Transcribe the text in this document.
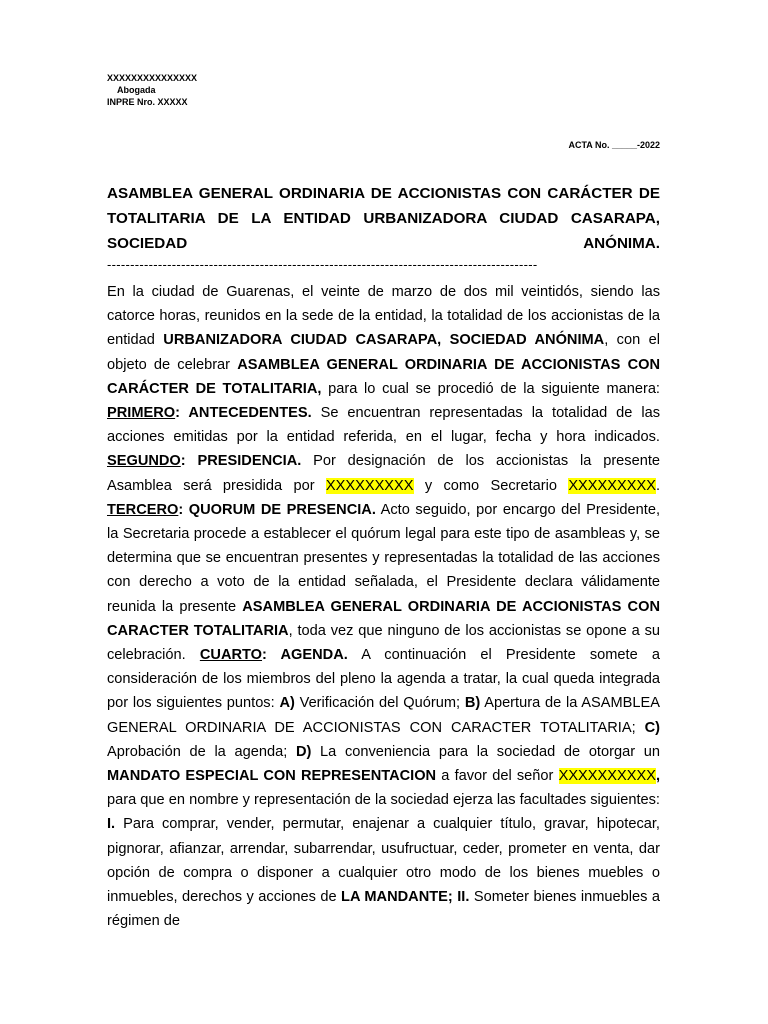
XXXXXXXXXXXXXXX
Abogada
INPRE Nro. XXXXX
ACTA No. _____-2022
ASAMBLEA GENERAL ORDINARIA DE ACCIONISTAS CON CARÁCTER DE TOTALITARIA DE LA ENTIDAD URBANIZADORA CIUDAD CASARAPA, SOCIEDAD ANÓNIMA.
---------------------------------------------------------------------------------------------
En la ciudad de Guarenas, el veinte de marzo de dos mil veintidós, siendo las catorce horas, reunidos en la sede de la entidad, la totalidad de los accionistas de la entidad URBANIZADORA CIUDAD CASARAPA, SOCIEDAD ANÓNIMA, con el objeto de celebrar ASAMBLEA GENERAL ORDINARIA DE ACCIONISTAS CON CARÁCTER DE TOTALITARIA, para lo cual se procedió de la siguiente manera: PRIMERO: ANTECEDENTES. Se encuentran representadas la totalidad de las acciones emitidas por la entidad referida, en el lugar, fecha y hora indicados. SEGUNDO: PRESIDENCIA. Por designación de los accionistas la presente Asamblea será presidida por XXXXXXXXX y como Secretario XXXXXXXXX. TERCERO: QUORUM DE PRESENCIA. Acto seguido, por encargo del Presidente, la Secretaria procede a establecer el quórum legal para este tipo de asambleas y, se determina que se encuentran presentes y representadas la totalidad de las acciones con derecho a voto de la entidad señalada, el Presidente declara válidamente reunida la presente ASAMBLEA GENERAL ORDINARIA DE ACCIONISTAS CON CARACTER TOTALITARIA, toda vez que ninguno de los accionistas se opone a su celebración. CUARTO: AGENDA. A continuación el Presidente somete a consideración de los miembros del pleno la agenda a tratar, la cual queda integrada por los siguientes puntos: A) Verificación del Quórum; B) Apertura de la ASAMBLEA GENERAL ORDINARIA DE ACCIONISTAS CON CARACTER TOTALITARIA; C) Aprobación de la agenda; D) La conveniencia para la sociedad de otorgar un MANDATO ESPECIAL CON REPRESENTACION a favor del señor XXXXXXXXXX, para que en nombre y representación de la sociedad ejerza las facultades siguientes: I. Para comprar, vender, permutar, enajenar a cualquier título, gravar, hipotecar, pignorar, afianzar, arrendar, subarrendar, usufructuar, ceder, prometer en venta, dar opción de compra o disponer a cualquier otro modo de los bienes muebles o inmuebles, derechos y acciones de LA MANDANTE; II. Someter bienes inmuebles a régimen de
